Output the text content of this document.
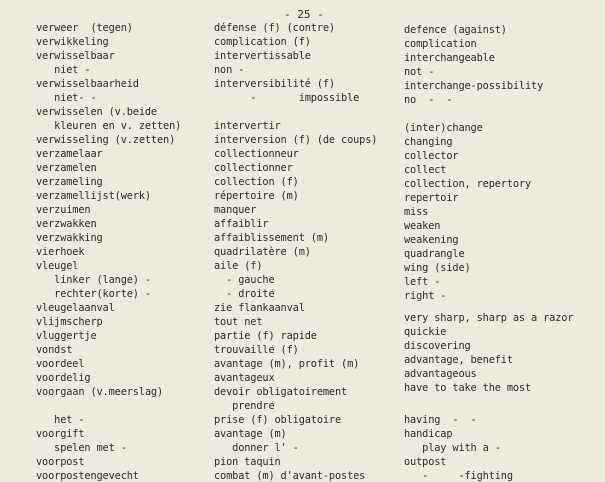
- 25 -
verweer  (tegen)
verwikkeling
verwisselbaar
niet -
verwisselbaarheid
niet- -
verwisselen (v.beide
kleuren en v. zetten)
verwisseling (v.zetten)
verzamelaar
verzamelen
verzameling
verzamellijst(werk)
verzuimen
verzwakken
verzwakking
vierhoek
vleugel
linker (lange) -
rechter(korte) -
vleugelaanval
vlijmscherp
vluggertje
vondst
voordeel
voordelig
voorgaan (v.meerslag)
het -
voorgift
spelen met -
voorpost
voorpostengevecht
défense (f) (contre)
complication (f)
intervertissable
non -
interversibilité (f)
-       impossible
intervertir
interversion (f) (de coups)
collectionneur
collectionner
collection (f)
répertoire (m)
manquer
affaiblir
affaiblissement (m)
quadrilatère (m)
aile (f)
- gauche
- droite
zie flankaanval
tout net
partie (f) rapide
trouvaille (f)
avantage (m), profit (m)
avantageux
devoir obligatoirement
prendre
prise (f) obligatoire
avantage (m)
donner l' -
pion taquin
combat (m) d'avant-postes
defence (against)
complication
interchangeable
not -
interchange-possibility
no  -  -
(inter)change
changing
collector
collect
collection, repertory
repertoir
miss
weaken
weakening
quadrangle
wing (side)
left -
right -
very sharp, sharp as a razor
quickie
discovering
advantage, benefit
advantageous
have to take the most
having  -  -
handicap
play with a -
outpost
-     -fighting
